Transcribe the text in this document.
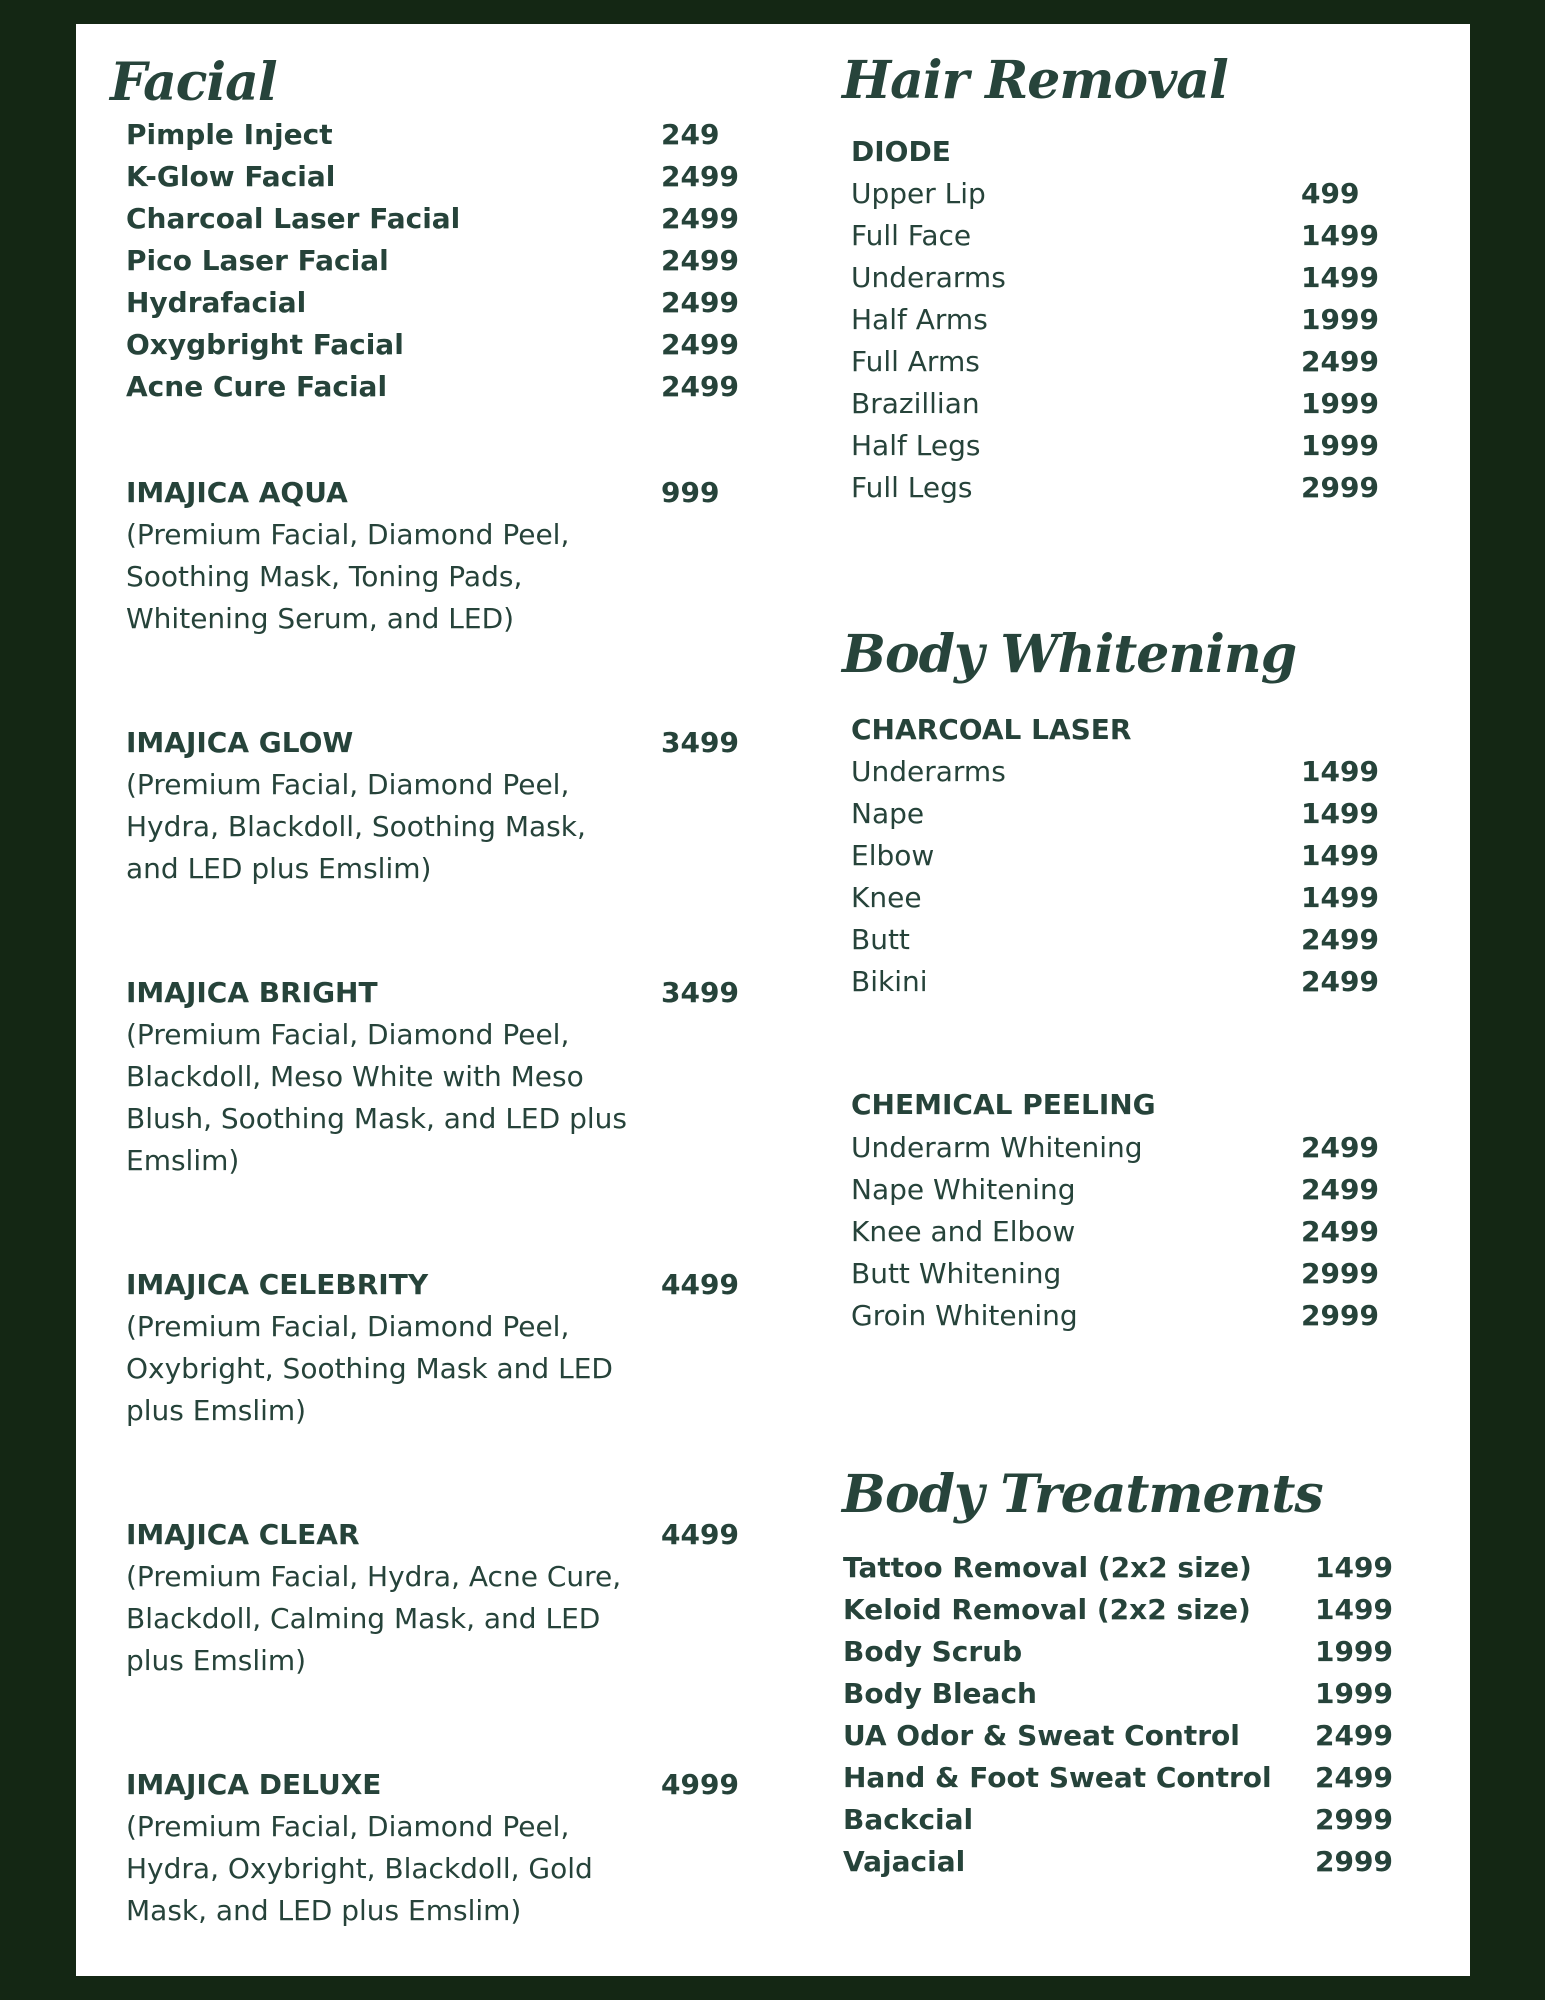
Facial
Pimple Inject	249
K-Glow Facial	2499
Charcoal Laser Facial	2499
Pico Laser Facial	2499
Hydrafacial	2499
Oxygbright Facial	2499
Acne Cure Facial	2499
IMAJICA AQUA	999
(Premium Facial, Diamond Peel, Soothing Mask, Toning Pads, Whitening Serum, and LED)
IMAJICA GLOW	3499
(Premium Facial, Diamond Peel, Hydra, Blackdoll, Soothing Mask, and LED plus Emslim)
IMAJICA BRIGHT	3499
(Premium Facial, Diamond Peel, Blackdoll, Meso White with Meso Blush, Soothing Mask, and LED plus Emslim)
IMAJICA CELEBRITY	4499
(Premium Facial, Diamond Peel, Oxybright, Soothing Mask and LED plus Emslim)
IMAJICA CLEAR	4499
(Premium Facial, Hydra, Acne Cure, Blackdoll, Calming Mask, and LED plus Emslim)
IMAJICA DELUXE	4999
(Premium Facial, Diamond Peel, Hydra, Oxybright, Blackdoll, Gold Mask, and LED plus Emslim)
Hair Removal
DIODE
Upper Lip	499
Full Face	1499
Underarms	1499
Half Arms	1999
Full Arms	2499
Brazillian	1999
Half Legs	1999
Full Legs	2999
Body Whitening
CHARCOAL LASER
Underarms	1499
Nape	1499
Elbow	1499
Knee	1499
Butt	2499
Bikini	2499
CHEMICAL PEELING
Underarm Whitening	2499
Nape Whitening	2499
Knee and Elbow	2499
Butt Whitening	2999
Groin Whitening	2999
Body Treatments
Tattoo Removal (2x2 size) 1499
Keloid Removal (2x2 size) 1499
Body Scrub	1999
Body Bleach	1999
UA Odor & Sweat Control	2499
Hand & Foot Sweat Control 2499
Backcial	2999
Vajacial	2999
